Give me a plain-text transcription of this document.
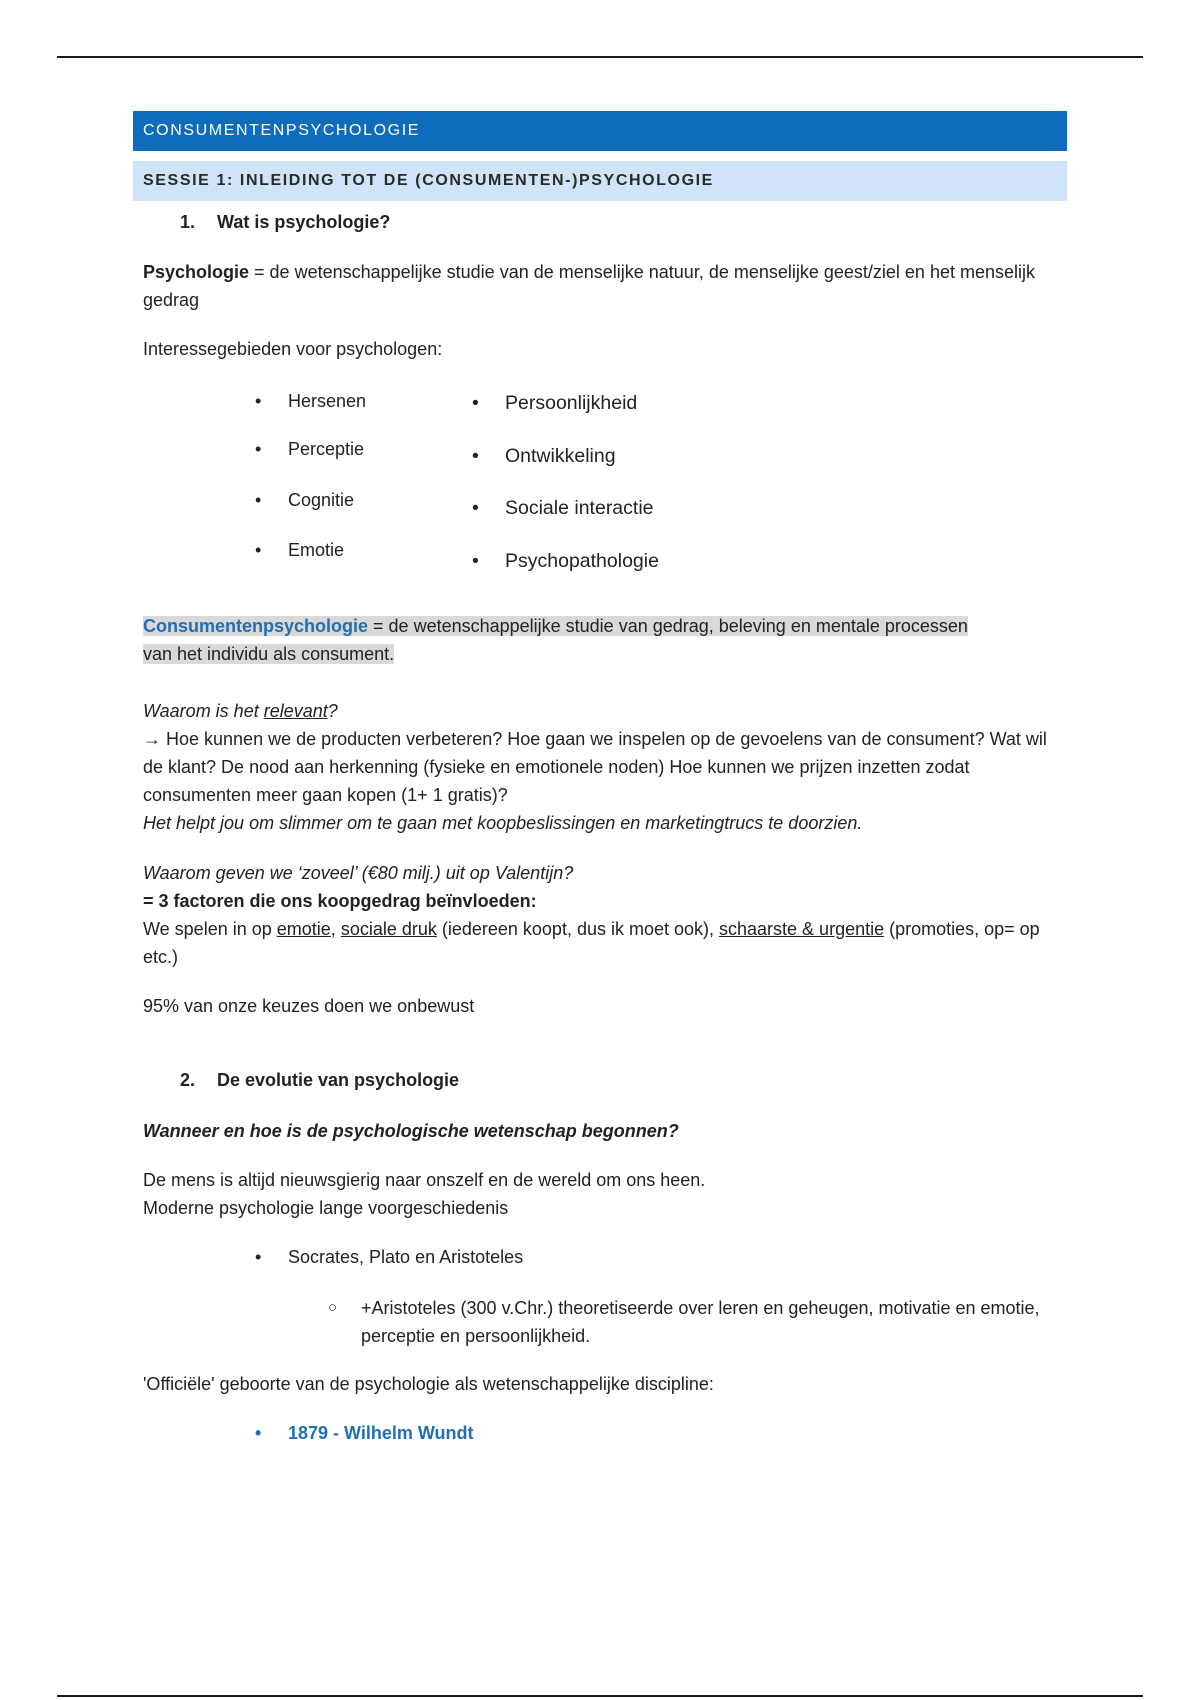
CONSUMENTENPSYCHOLOGIE
SESSIE 1: INLEIDING TOT DE (CONSUMENTEN-)PSYCHOLOGIE
1. Wat is psychologie?
Psychologie = de wetenschappelijke studie van de menselijke natuur, de menselijke geest/ziel en het menselijk gedrag
Interessegebieden voor psychologen:
• Hersenen
• Perceptie
• Cognitie
• Emotie
• Persoonlijkheid
• Ontwikkeling
• Sociale interactie
• Psychopathologie
Consumentenpsychologie = de wetenschappelijke studie van gedrag, beleving en mentale processen
van het individu als consument.
Waarom is het relevant?
→ Hoe kunnen we de producten verbeteren? Hoe gaan we inspelen op de gevoelens van de consument? Wat wil de klant? De nood aan herkenning (fysieke en emotionele noden) Hoe kunnen we prijzen inzetten zodat consumenten meer gaan kopen (1+ 1 gratis)?
Het helpt jou om slimmer om te gaan met koopbeslissingen en marketingtrucs te doorzien.
Waarom geven we ‘zoveel’ (€80 milj.) uit op Valentijn?
= 3 factoren die ons koopgedrag beïnvloeden:
We spelen in op emotie, sociale druk (iedereen koopt, dus ik moet ook), schaarste & urgentie (promoties, op= op etc.)
95% van onze keuzes doen we onbewust
2. De evolutie van psychologie
Wanneer en hoe is de psychologische wetenschap begonnen?
De mens is altijd nieuwsgierig naar onszelf en de wereld om ons heen.
Moderne psychologie lange voorgeschiedenis
• Socrates, Plato en Aristoteles
○ +Aristoteles (300 v.Chr.) theoretiseerde over leren en geheugen, motivatie en emotie, perceptie en persoonlijkheid.
'Officiële' geboorte van de psychologie als wetenschappelijke discipline:
• 1879 - Wilhelm Wundt
